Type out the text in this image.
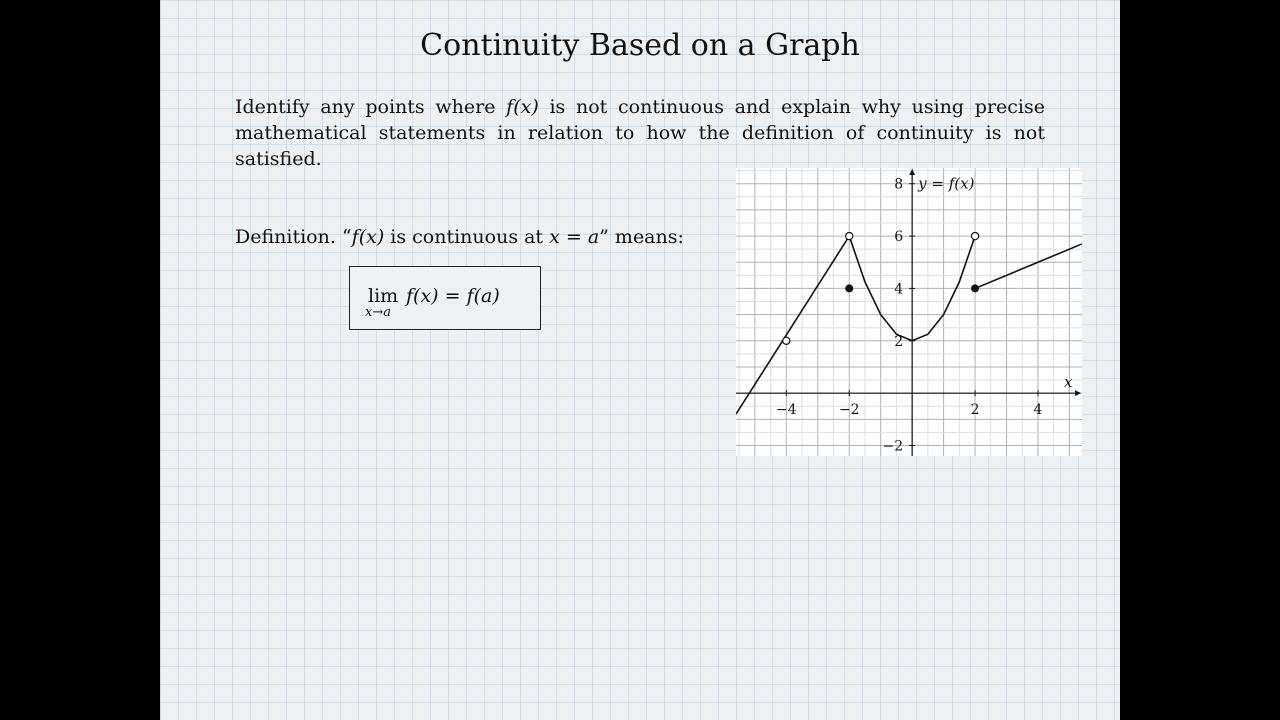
Continuity Based on a Graph
Identify any points where f(x) is not continuous and explain why using precise mathematical statements in relation to how the definition of continuity is not satisfied.
Definition. “f(x) is continuous at x = a” means:
lim
x→a
f(x) = f(a)
−4	−2	2	4
8
6
4
2
−2
y = f(x)
x
